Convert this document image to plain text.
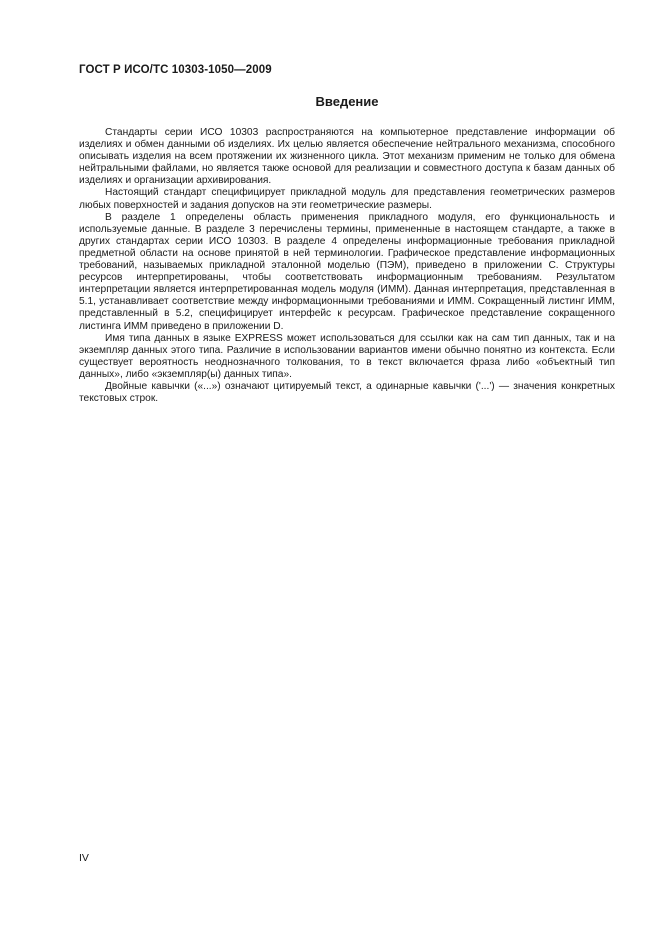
ГОСТ Р ИСО/ТС 10303-1050—2009
Введение

Стандарты серии ИСО 10303 распространяются на компьютерное представление информации об изделиях и обмен данными об изделиях. Их целью является обеспечение нейтрального механизма, способного описывать изделия на всем протяжении их жизненного цикла. Этот механизм применим не только для обмена нейтральными файлами, но является также основой для реализации и совместного доступа к базам данных об изделиях и организации архивирования.

Настоящий стандарт специфицирует прикладной модуль для представления геометрических размеров любых поверхностей и задания допусков на эти геометрические размеры.

В разделе 1 определены область применения прикладного модуля, его функциональность и используемые данные. В разделе 3 перечислены термины, примененные в настоящем стандарте, а также в других стандартах серии ИСО 10303. В разделе 4 определены информационные требования прикладной предметной области на основе принятой в ней терминологии. Графическое представление информационных требований, называемых прикладной эталонной моделью (ПЭМ), приведено в приложении С. Структуры ресурсов интерпретированы, чтобы соответствовать информационным требованиям. Результатом интерпретации является интерпретированная модель модуля (ИММ). Данная интерпретация, представленная в 5.1, устанавливает соответствие между информационными требованиями и ИММ. Сокращенный листинг ИММ, представленный в 5.2, специфицирует интерфейс к ресурсам. Графическое представление сокращенного листинга ИММ приведено в приложении D.

Имя типа данных в языке EXPRESS может использоваться для ссылки как на сам тип данных, так и на экземпляр данных этого типа. Различие в использовании вариантов имени обычно понятно из контекста. Если существует вероятность неоднозначного толкования, то в текст включается фраза либо «объектный тип данных», либо «экземпляр(ы) данных типа».

Двойные кавычки («...») означают цитируемый текст, а одинарные кавычки ('...') — значения конкретных текстовых строк.

IV
